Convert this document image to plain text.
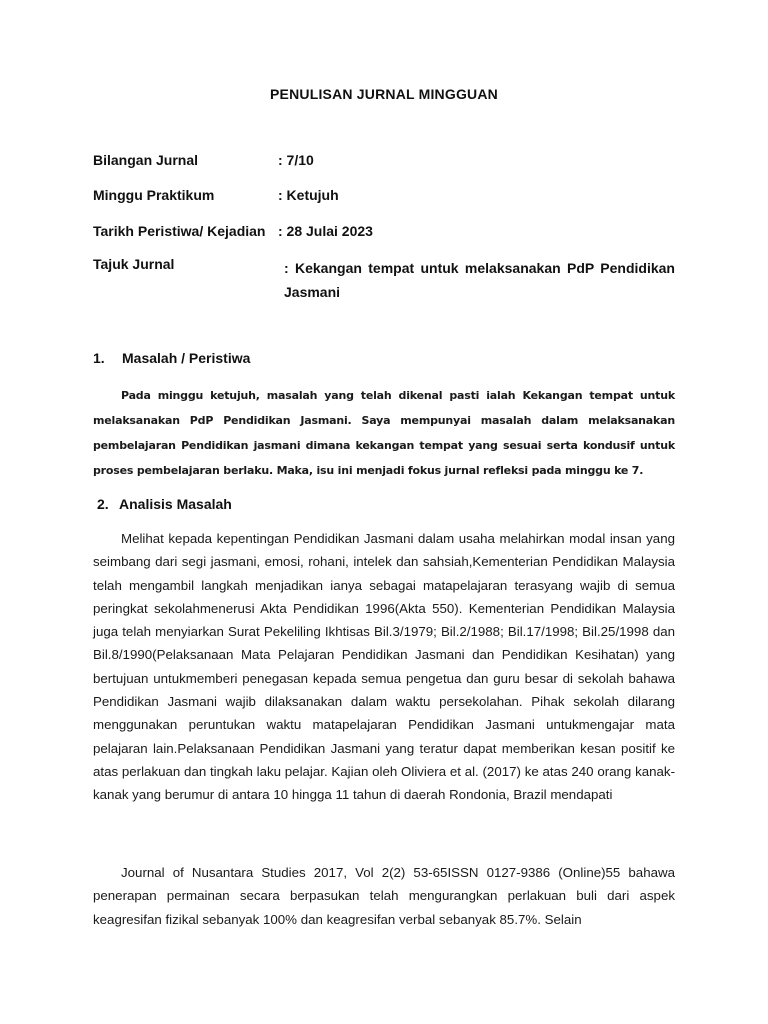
PENULISAN JURNAL MINGGUAN
Bilangan Jurnal	: 7/10
Minggu Praktikum	: Ketujuh
Tarikh Peristiwa/ Kejadian : 28 Julai 2023
Tajuk Jurnal	: Kekangan tempat untuk melaksanakan PdP Pendidikan Jasmani
1. Masalah / Peristiwa

Pada minggu ketujuh, masalah yang telah dikenal pasti ialah Kekangan tempat untuk melaksanakan PdP Pendidikan Jasmani. Saya mempunyai masalah dalam melaksanakan pembelajaran Pendidikan jasmani dimana kekangan tempat yang sesuai serta kondusif untuk proses pembelajaran berlaku. Maka, isu ini menjadi fokus jurnal refleksi pada minggu ke 7.

2. Analisis Masalah

Melihat kepada kepentingan Pendidikan Jasmani dalam usaha melahirkan modal insan yang seimbang dari segi jasmani, emosi, rohani, intelek dan sahsiah,Kementerian Pendidikan Malaysia telah mengambil langkah menjadikan ianya sebagai matapelajaran terasyang wajib di semua peringkat sekolahmenerusi Akta Pendidikan 1996(Akta 550). Kementerian Pendidikan Malaysia juga telah menyiarkan Surat Pekeliling Ikhtisas Bil.3/1979; Bil.2/1988; Bil.17/1998; Bil.25/1998 dan Bil.8/1990(Pelaksanaan Mata Pelajaran Pendidikan Jasmani dan Pendidikan Kesihatan) yang bertujuan untukmemberi penegasan kepada semua pengetua dan guru besar di sekolah bahawa Pendidikan Jasmani wajib dilaksanakan dalam waktu persekolahan. Pihak sekolah dilarang menggunakan peruntukan waktu matapelajaran Pendidikan Jasmani untukmengajar mata pelajaran lain.Pelaksanaan Pendidikan Jasmani yang teratur dapat memberikan kesan positif ke atas perlakuan dan tingkah laku pelajar. Kajian oleh Oliviera et al. (2017) ke atas 240 orang kanak-kanak yang berumur di antara 10 hingga 11 tahun di daerah Rondonia, Brazil mendapati

Journal of Nusantara Studies 2017, Vol 2(2) 53-65ISSN 0127-9386 (Online)55 bahawa penerapan permainan secara berpasukan telah mengurangkan perlakuan buli dari aspek keagresifan fizikal sebanyak 100% dan keagresifan verbal sebanyak 85.7%. Selain
